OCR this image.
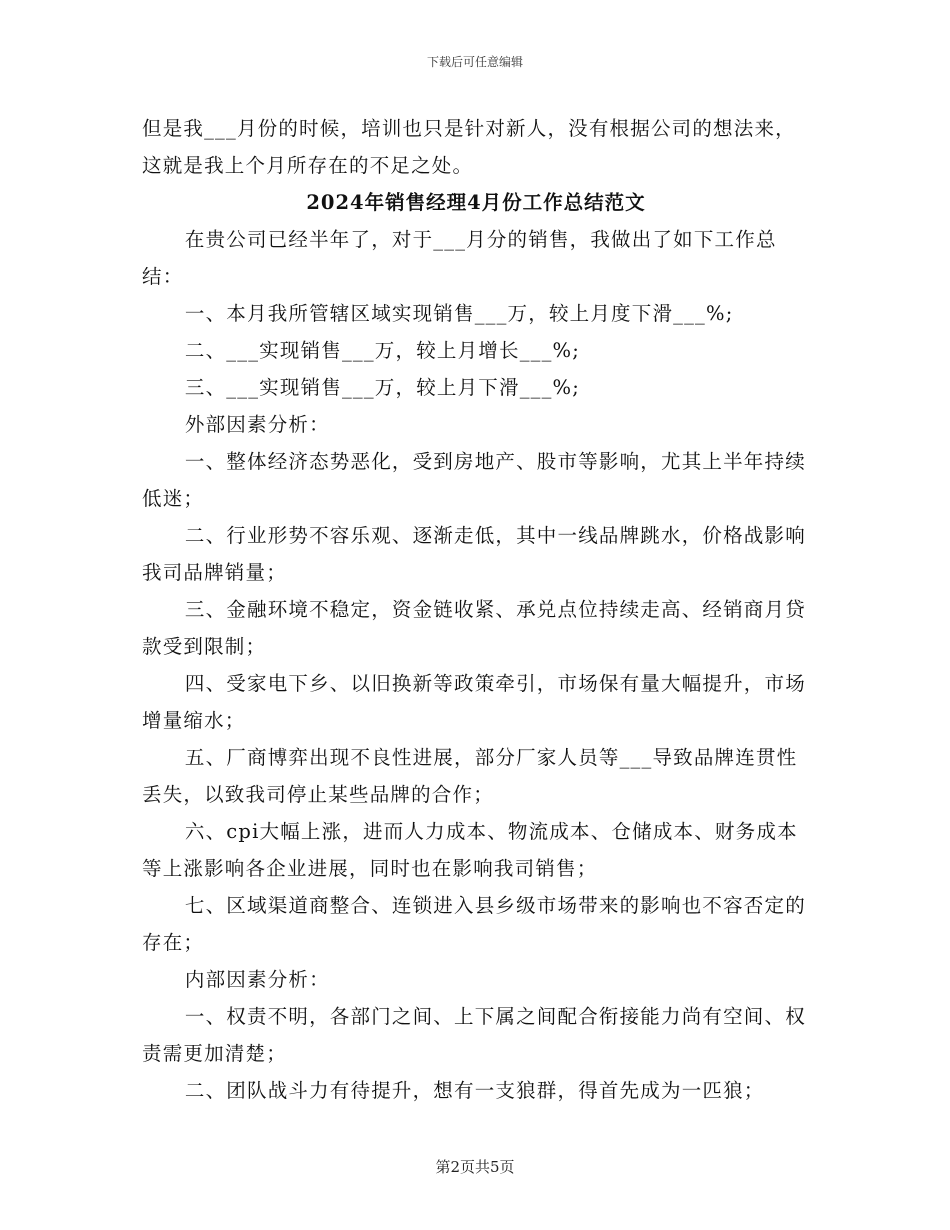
下载后可任意编辑

但是我___月份的时候，培训也只是针对新人，没有根据公司的想法来，这就是我上个月所存在的不足之处。

2024年销售经理4月份工作总结范文

在贵公司已经半年了，对于___月分的销售，我做出了如下工作总结：

一、本月我所管辖区域实现销售___万，较上月度下滑___%;

二、___实现销售___万，较上月增长___%;

三、___实现销售___万，较上月下滑___%;

外部因素分析：

一、整体经济态势恶化，受到房地产、股市等影响，尤其上半年持续低迷；

二、行业形势不容乐观、逐渐走低，其中一线品牌跳水，价格战影响我司品牌销量；

三、金融环境不稳定，资金链收紧、承兑点位持续走高、经销商月贷款受到限制；

四、受家电下乡、以旧换新等政策牵引，市场保有量大幅提升，市场增量缩水；

五、厂商博弈出现不良性进展，部分厂家人员等___导致品牌连贯性丢失，以致我司停止某些品牌的合作；

六、cpi大幅上涨，进而人力成本、物流成本、仓储成本、财务成本等上涨影响各企业进展，同时也在影响我司销售；

七、区域渠道商整合、连锁进入县乡级市场带来的影响也不容否定的存在；

内部因素分析：

一、权责不明，各部门之间、上下属之间配合衔接能力尚有空间、权责需更加清楚；

二、团队战斗力有待提升，想有一支狼群，得首先成为一匹狼；

第2页共5页
